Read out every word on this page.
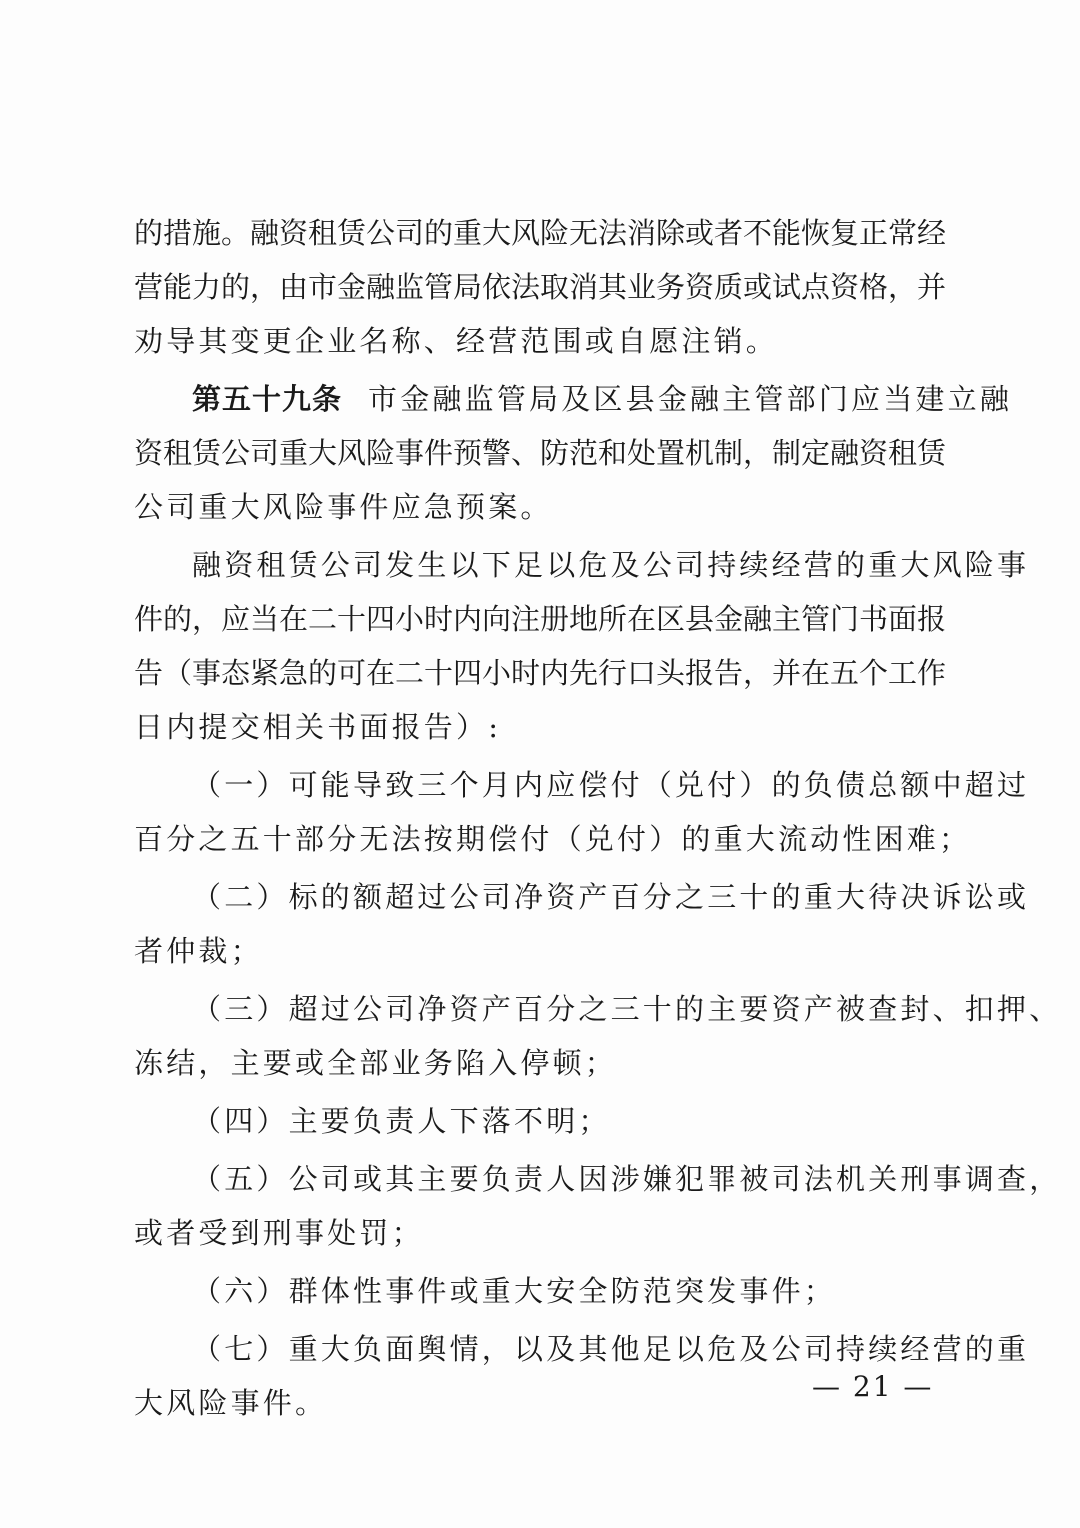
的措施。融资租赁公司的重大风险无法消除或者不能恢复正常经
营能力的，由市金融监管局依法取消其业务资质或试点资格，并
劝导其变更企业名称、经营范围或自愿注销。
第五十九条 市金融监管局及区县金融主管部门应当建立融
资租赁公司重大风险事件预警、防范和处置机制，制定融资租赁
公司重大风险事件应急预案。
融资租赁公司发生以下足以危及公司持续经营的重大风险事
件的，应当在二十四小时内向注册地所在区县金融主管门书面报
告（事态紧急的可在二十四小时内先行口头报告，并在五个工作
日内提交相关书面报告）:
（一）可能导致三个月内应偿付（兑付）的负债总额中超过
百分之五十部分无法按期偿付（兑付）的重大流动性困难；
（二）标的额超过公司净资产百分之三十的重大待决诉讼或
者仲裁；
（三）超过公司净资产百分之三十的主要资产被查封、扣押、
冻结，主要或全部业务陷入停顿；
（四）主要负责人下落不明；
（五）公司或其主要负责人因涉嫌犯罪被司法机关刑事调查，
或者受到刑事处罚；
（六）群体性事件或重大安全防范突发事件；
（七）重大负面舆情，以及其他足以危及公司持续经营的重
大风险事件。	— 21 —
